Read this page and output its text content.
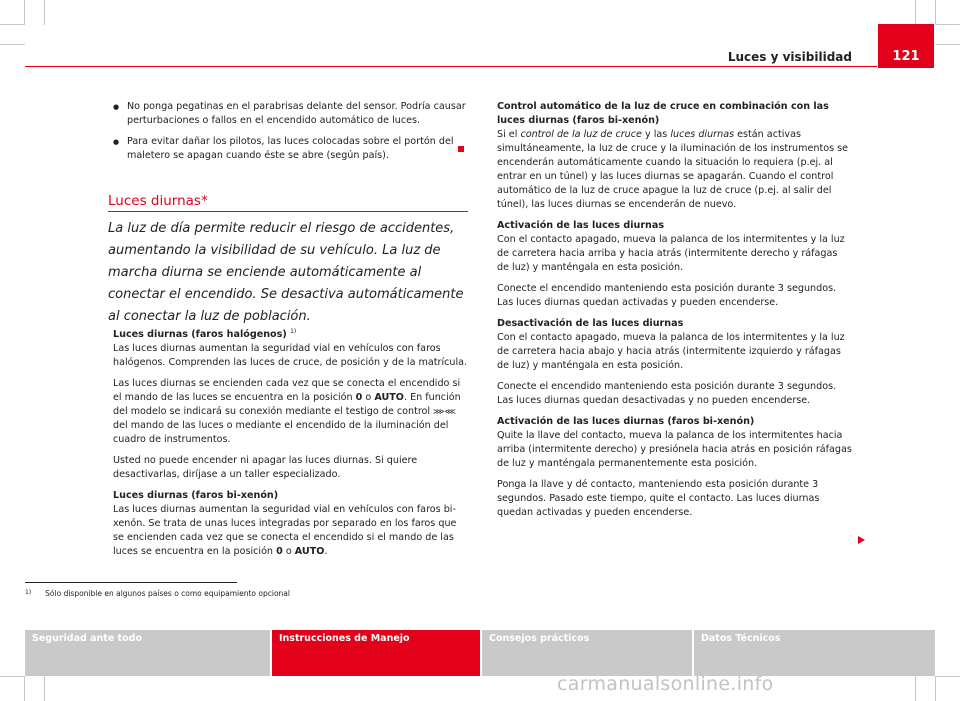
Luces y visibilidad	121

● No ponga pegatinas en el parabrisas delante del sensor. Podría causar perturbaciones o fallos en el encendido automático de luces.

● Para evitar dañar los pilotos, las luces colocadas sobre el portón del maletero se apagan cuando éste se abre (según país).

Luces diurnas*
La luz de día permite reducir el riesgo de accidentes, aumentando la visibilidad de su vehículo. La luz de marcha diurna se enciende automáticamente al conectar el encendido. Se desactiva automáticamente al conectar la luz de población.

Luces diurnas (faros halógenos) $^{1)}$

Las luces diurnas aumentan la seguridad vial en vehículos con faros halógenos. Comprenden las luces de cruce, de posición y de la matrícula.

Las luces diurnas se encienden cada vez que se conecta el encendido si el mando de las luces se encuentra en la posición 0 o AUTO. En función del modelo se indicará su conexión mediante el testigo de control ⋙⋘ del mando de las luces o mediante el encendido de la iluminación del cuadro de instrumentos.

Usted no puede encender ni apagar las luces diurnas. Si quiere desactivarlas, diríjase a un taller especializado.

Luces diurnas (faros bi-xenón)

Las luces diurnas aumentan la seguridad vial en vehículos con faros bi-xenón. Se trata de unas luces integradas por separado en los faros que se encienden cada vez que se conecta el encendido si el mando de las luces se encuentra en la posición 0 o AUTO.

Control automático de la luz de cruce en combinación con las luces diurnas (faros bi-xenón)

Si el control de la luz de cruce y las luces diurnas están activas simultáneamente, la luz de cruce y la iluminación de los instrumentos se encenderán automáticamente cuando la situación lo requiera (p.ej. al entrar en un túnel) y las luces diurnas se apagarán. Cuando el control automático de la luz de cruce apague la luz de cruce (p.ej. al salir del túnel), las luces diurnas se encenderán de nuevo.

Activación de las luces diurnas

Con el contacto apagado, mueva la palanca de los intermitentes y la luz de carretera hacia arriba y hacia atrás (intermitente derecho y ráfagas de luz) y manténgala en esta posición.

Conecte el encendido manteniendo esta posición durante 3 segundos. Las luces diurnas quedan activadas y pueden encenderse.

Desactivación de las luces diurnas

Con el contacto apagado, mueva la palanca de los intermitentes y la luz de carretera hacia abajo y hacia atrás (intermitente izquierdo y ráfagas de luz) y manténgala en esta posición.

Conecte el encendido manteniendo esta posición durante 3 segundos. Las luces diurnas quedan desactivadas y no pueden encenderse.

Activación de las luces diurnas (faros bi-xenón)

Quite la llave del contacto, mueva la palanca de los intermitentes hacia arriba (intermitente derecho) y presiónela hacia atrás en posición ráfagas de luz y manténgala permanentemente esta posición.

Ponga la llave y dé contacto, manteniendo esta posición durante 3 segundos. Pasado este tiempo, quite el contacto. Las luces diurnas quedan activadas y pueden encenderse.

$^{1)}$ Sólo disponible en algunos países o como equipamiento opcional
Seguridad ante todo	Instrucciones de Manejo	Consejos prácticos	Datos Técnicos
carmanualsonline.info
